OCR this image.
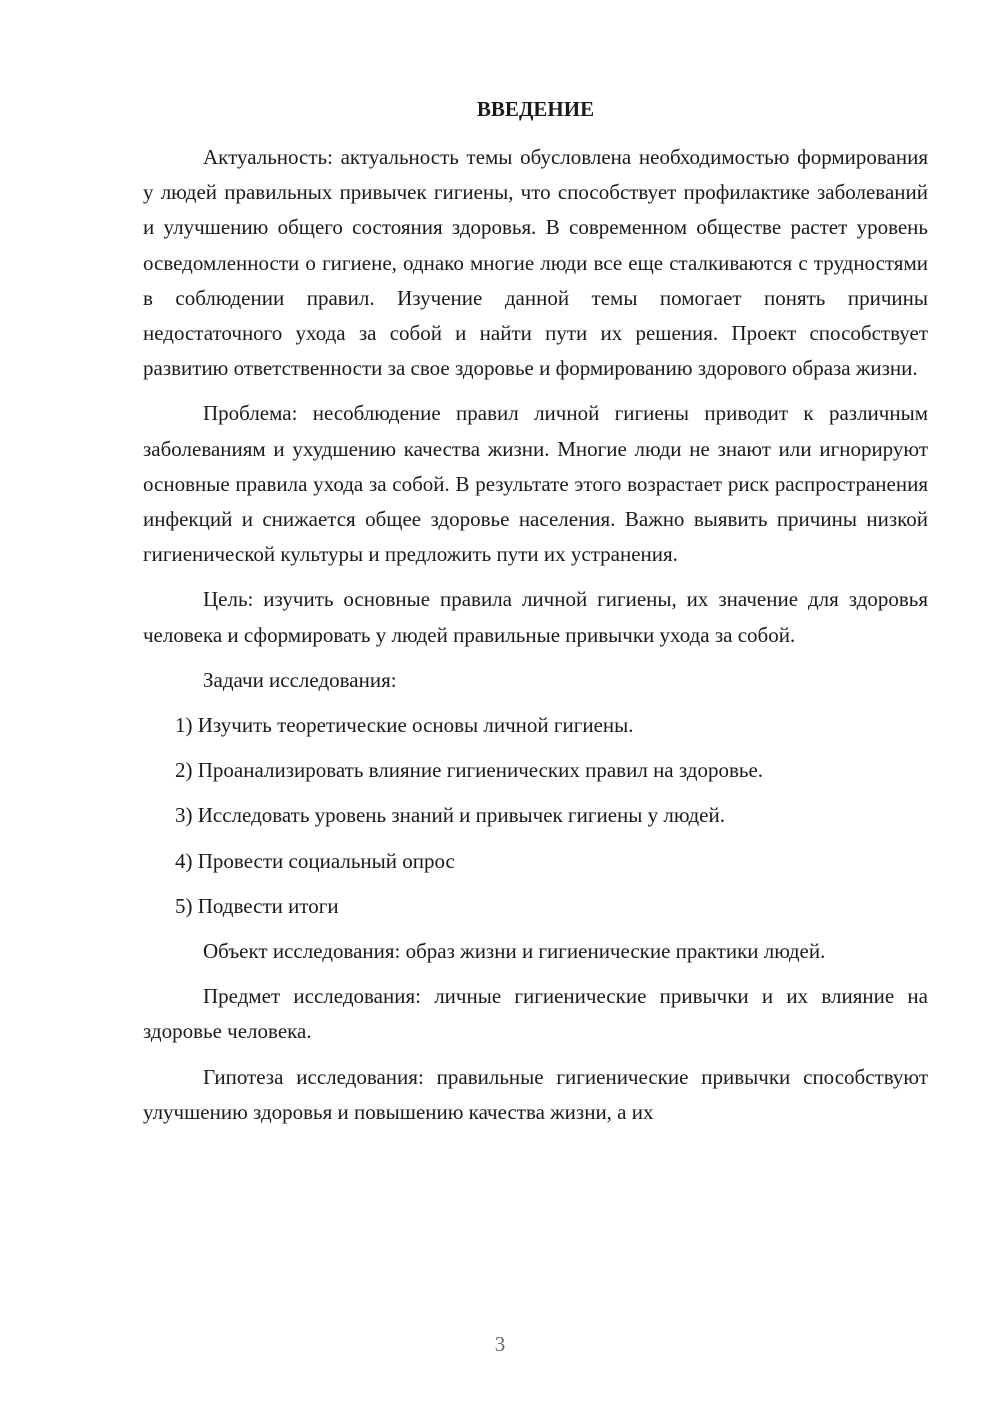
ВВЕДЕНИЕ

Актуальность: актуальность темы обусловлена необходимостью формирования у людей правильных привычек гигиены, что способствует профилактике заболеваний и улучшению общего состояния здоровья. В современном обществе растет уровень осведомленности о гигиене, однако многие люди все еще сталкиваются с трудностями в соблюдении правил. Изучение данной темы помогает понять причины недостаточного ухода за собой и найти пути их решения. Проект способствует развитию ответственности за свое здоровье и формированию здорового образа жизни.

Проблема: несоблюдение правил личной гигиены приводит к различным заболеваниям и ухудшению качества жизни. Многие люди не знают или игнорируют основные правила ухода за собой. В результате этого возрастает риск распространения инфекций и снижается общее здоровье населения. Важно выявить причины низкой гигиенической культуры и предложить пути их устранения.

Цель: изучить основные правила личной гигиены, их значение для здоровья человека и сформировать у людей правильные привычки ухода за собой.

Задачи исследования:

1) Изучить теоретические основы личной гигиены.
2) Проанализировать влияние гигиенических правил на здоровье.
3) Исследовать уровень знаний и привычек гигиены у людей.
4) Провести социальный опрос
5) Подвести итоги

Объект исследования: образ жизни и гигиенические практики людей.

Предмет исследования: личные гигиенические привычки и их влияние на здоровье человека.

Гипотеза исследования: правильные гигиенические привычки способствуют улучшению здоровья и повышению качества жизни, а их

3
